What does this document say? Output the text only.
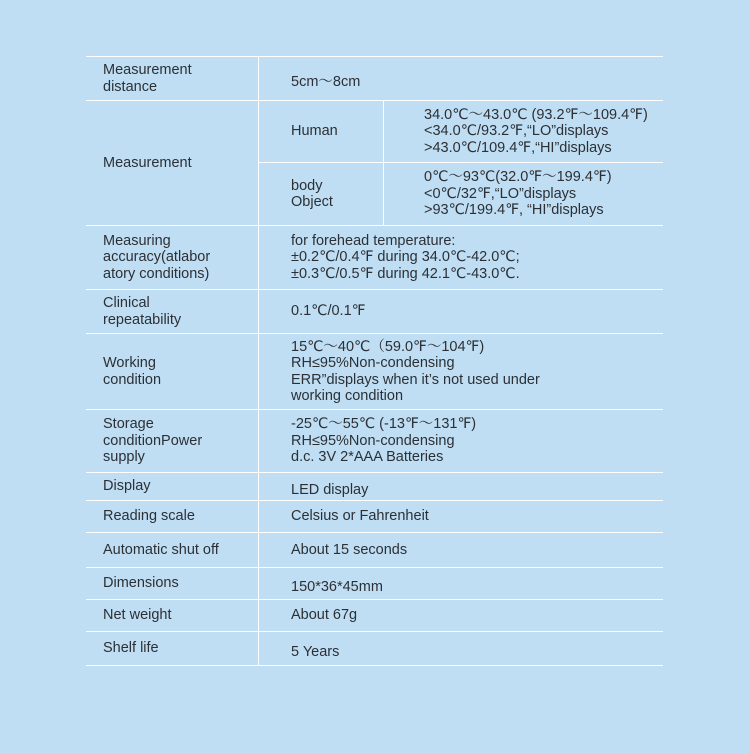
Measurement
distance	5cm～8cm	

Measurement	Human	34.0℃～43.0℃ (93.2℉～109.4℉)
<34.0℃/93.2℉,“LO”displays
>43.0℃/109.4℉,“HI”displays

	body
Object	0℃～93℃(32.0℉～199.4℉)
<0℃/32℉,“LO”displays
>93℃/199.4℉, “HI”displays

Measuring
accuracy(atlabor
atory conditions)	for forehead temperature:
±0.2℃/0.4℉ during 34.0℃-42.0℃;
±0.3℃/0.5℉ during 42.1℃-43.0℃.	

Clinical
repeatability	0.1℃/0.1℉	

Working
condition	15℃～40℃（59.0℉～104℉)
RH≤95%Non-condensing
ERR”displays when it’s not used under
working condition	

Storage
conditionPower
supply	-25℃～55℃ (-13℉～131℉)
RH≤95%Non-condensing
d.c. 3V 2*AAA Batteries	

Display	LED display	

Reading scale	Celsius or Fahrenheit	

Automatic shut off	About 15 seconds	

Dimensions	150*36*45mm	

Net weight	About 67g	

Shelf life	5 Years	
